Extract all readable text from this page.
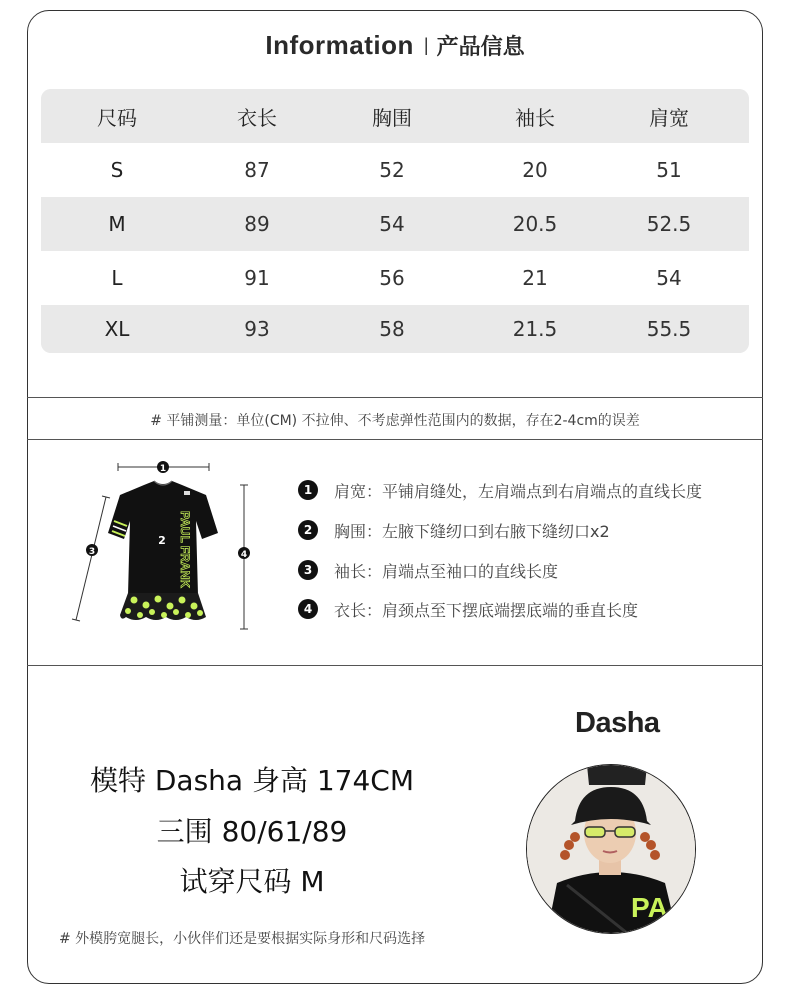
Information | 产品信息
尺码	衣长	胸围	袖长	肩宽
S	87	52	20	51
M	89	54	20.5	52.5
L	91	56	21	54
XL	93	58	21.5	55.5
# 平铺测量：单位(CM) 不拉伸、不考虑弹性范围内的数据，存在2-4cm的误差
1
PAUL FRANK
2
3	4
1	肩宽：平铺肩缝处，左肩端点到右肩端点的直线长度
2	胸围：左腋下缝纫口到右腋下缝纫口x2
3	袖长：肩端点至袖口的直线长度
4	衣长：肩颈点至下摆底端摆底端的垂直长度
模特 Dasha 身高 174CM
三围 80/61/89
试穿尺码 M
Dasha
PA
# 外模胯宽腿长，小伙伴们还是要根据实际身形和尺码选择
